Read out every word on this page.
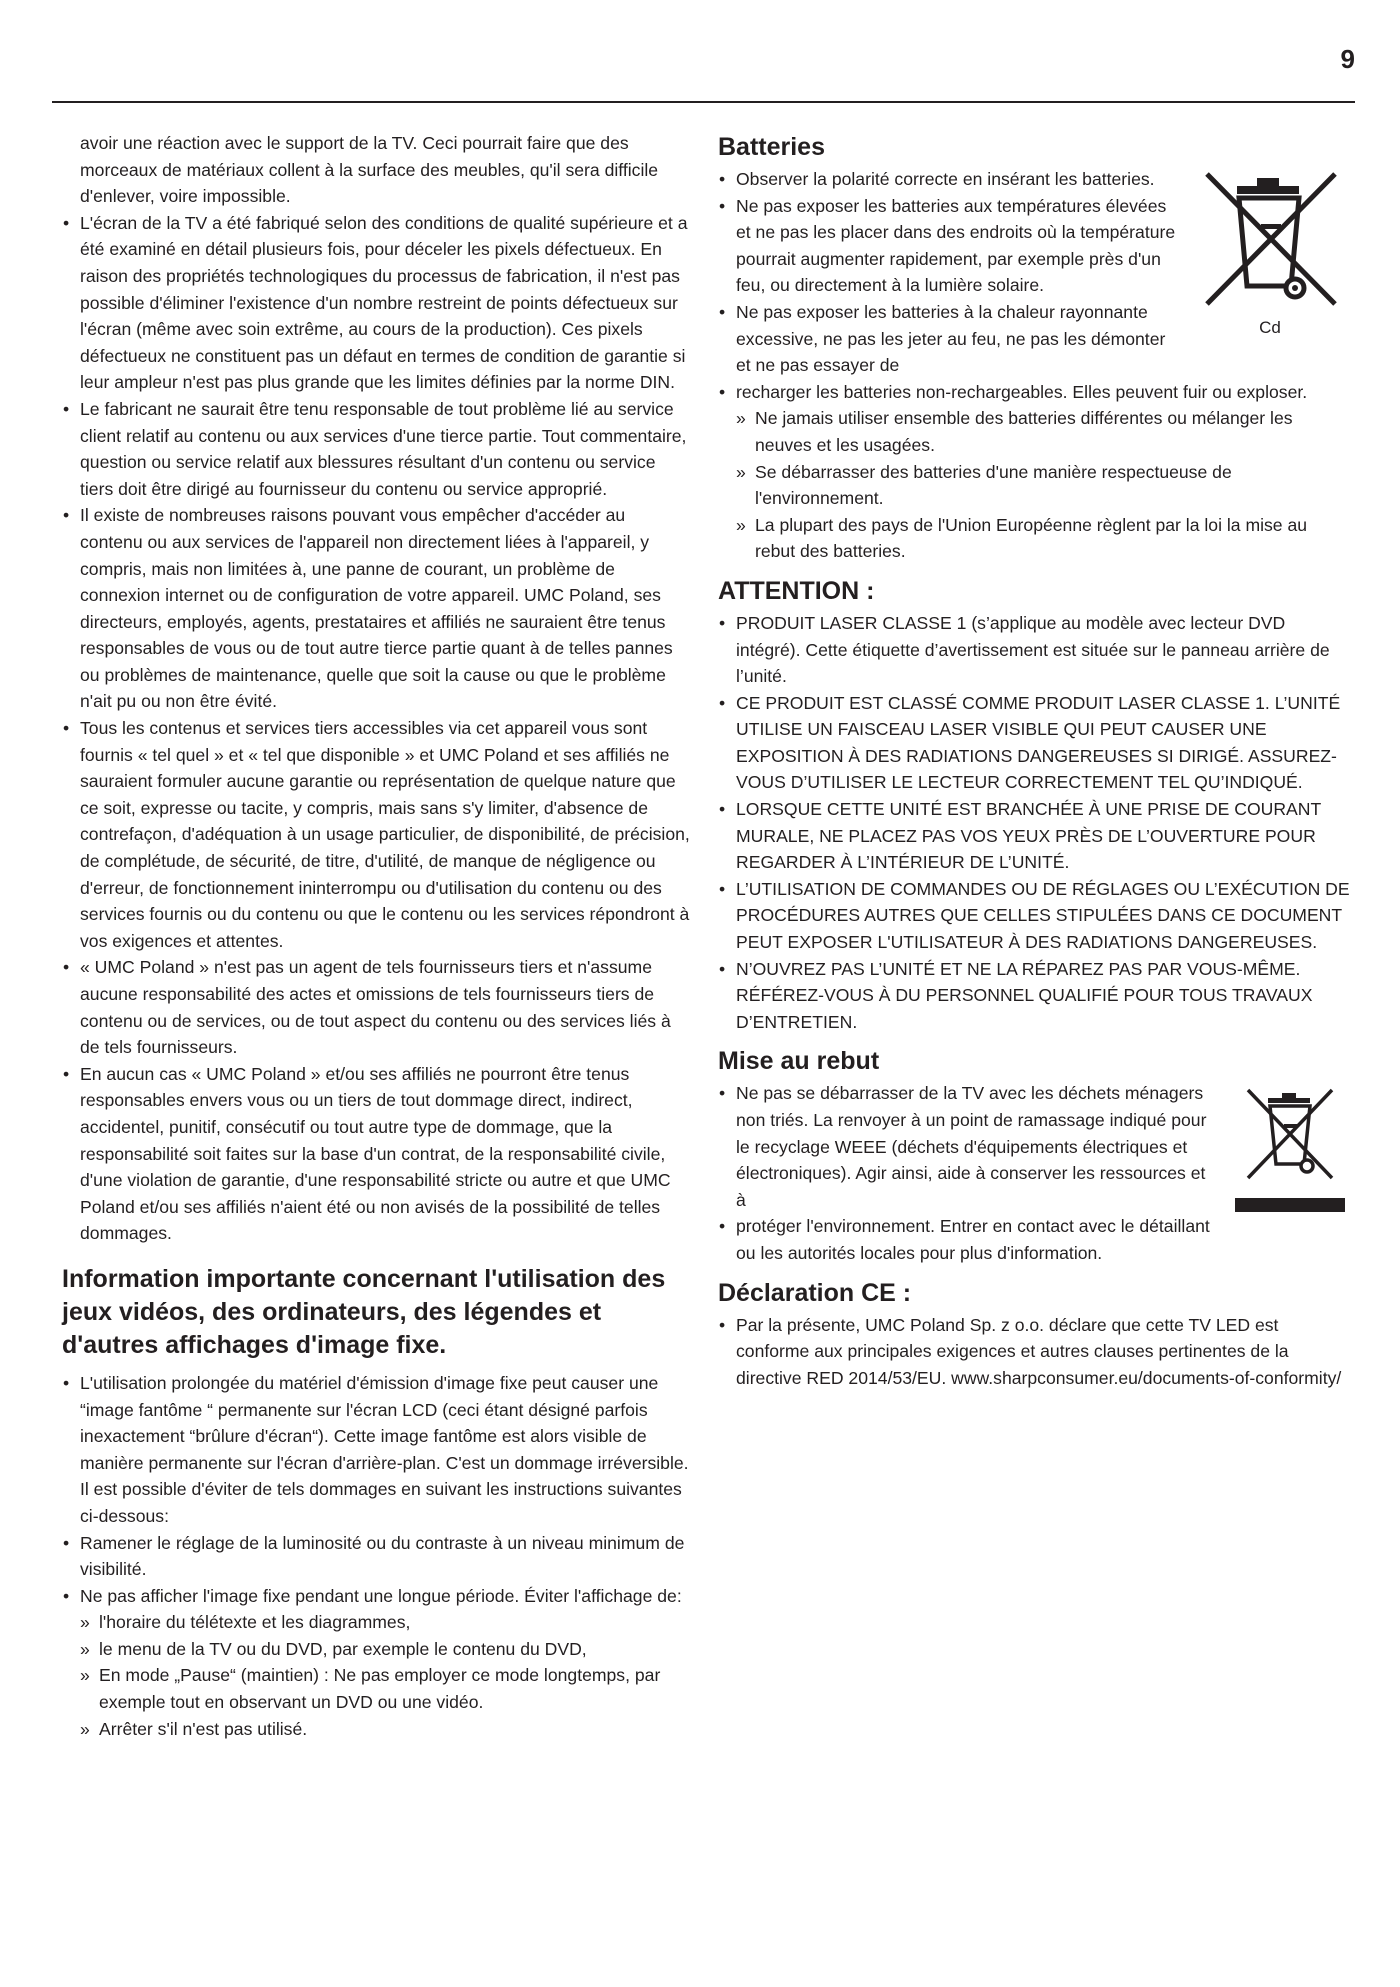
9

avoir une réaction avec le support de la TV. Ceci pourrait faire que des morceaux de matériaux collent à la surface des meubles, qu'il sera difficile d'enlever, voire impossible.

• L'écran de la TV a été fabriqué selon des conditions de qualité supérieure et a été examiné en détail plusieurs fois, pour déceler les pixels défectueux. En raison des propriétés technologiques du processus de fabrication, il n'est pas possible d'éliminer l'existence d'un nombre restreint de points défectueux sur l'écran (même avec soin extrême, au cours de la production). Ces pixels défectueux ne constituent pas un défaut en termes de condition de garantie si leur ampleur n'est pas plus grande que les limites définies par la norme DIN.
• Le fabricant ne saurait être tenu responsable de tout problème lié au service client relatif au contenu ou aux services d'une tierce partie. Tout commentaire, question ou service relatif aux blessures résultant d'un contenu ou service tiers doit être dirigé au fournisseur du contenu ou service approprié.
• Il existe de nombreuses raisons pouvant vous empêcher d'accéder au contenu ou aux services de l'appareil non directement liées à l'appareil, y compris, mais non limitées à, une panne de courant, un problème de connexion internet ou de configuration de votre appareil. UMC Poland, ses directeurs, employés, agents, prestataires et affiliés ne sauraient être tenus responsables de vous ou de tout autre tierce partie quant à de telles pannes ou problèmes de maintenance, quelle que soit la cause ou que le problème n'ait pu ou non être évité.
• Tous les contenus et services tiers accessibles via cet appareil vous sont fournis « tel quel » et « tel que disponible » et UMC Poland et ses affiliés ne sauraient formuler aucune garantie ou représentation de quelque nature que ce soit, expresse ou tacite, y compris, mais sans s'y limiter, d'absence de contrefaçon, d'adéquation à un usage particulier, de disponibilité, de précision, de complétude, de sécurité, de titre, d'utilité, de manque de négligence ou d'erreur, de fonctionnement ininterrompu ou d'utilisation du contenu ou des services fournis ou du contenu ou que le contenu ou les services répondront à vos exigences et attentes.
• « UMC Poland » n'est pas un agent de tels fournisseurs tiers et n'assume aucune responsabilité des actes et omissions de tels fournisseurs tiers de contenu ou de services, ou de tout aspect du contenu ou des services liés à de tels fournisseurs.
• En aucun cas « UMC Poland » et/ou ses affiliés ne pourront être tenus responsables envers vous ou un tiers de tout dommage direct, indirect, accidentel, punitif, consécutif ou tout autre type de dommage, que la responsabilité soit faites sur la base d'un contrat, de la responsabilité civile, d'une violation de garantie, d'une responsabilité stricte ou autre et que UMC Poland et/ou ses affiliés n'aient été ou non avisés de la possibilité de telles dommages.
Information importante concernant l'utilisation des jeux vidéos, des ordinateurs, des légendes et d'autres affichages d'image fixe.
• L'utilisation prolongée du matériel d'émission d'image fixe peut causer une “image fantôme “ permanente sur l'écran LCD (ceci étant désigné parfois inexactement “brûlure d'écran“). Cette image fantôme est alors visible de manière permanente sur l'écran d'arrière-plan. C'est un dommage irréversible. Il est possible d'éviter de tels dommages en suivant les instructions suivantes ci-dessous:
• Ramener le réglage de la luminosité ou du contraste à un niveau minimum de visibilité.
• Ne pas afficher l'image fixe pendant une longue période. Éviter l'affichage de:
» l'horaire du télétexte et les diagrammes,
» le menu de la TV ou du DVD, par exemple le contenu du DVD,
» En mode „Pause“ (maintien) : Ne pas employer ce mode longtemps, par exemple tout en observant un DVD ou une vidéo.
» Arrêter s'il n'est pas utilisé.
Batteries
Cd
• Observer la polarité correcte en insérant les batteries.
• Ne pas exposer les batteries aux températures élevées et ne pas les placer dans des endroits où la température pourrait augmenter rapidement, par exemple près d'un feu, ou directement à la lumière solaire.
• Ne pas exposer les batteries à la chaleur rayonnante excessive, ne pas les jeter au feu, ne pas les démonter et ne pas essayer de
• recharger les batteries non-rechargeables. Elles peuvent fuir ou exploser.
» Ne jamais utiliser ensemble des batteries différentes ou mélanger les neuves et les usagées.
» Se débarrasser des batteries d'une manière respectueuse de l'environnement.
» La plupart des pays de l'Union Européenne règlent par la loi la mise au rebut des batteries.
ATTENTION :
• PRODUIT LASER CLASSE 1 (s’applique au modèle avec lecteur DVD intégré). Cette étiquette d’avertissement est située sur le panneau arrière de l’unité.
• CE PRODUIT EST CLASSÉ COMME PRODUIT LASER CLASSE 1. L’UNITÉ UTILISE UN FAISCEAU LASER VISIBLE QUI PEUT CAUSER UNE EXPOSITION À DES RADIATIONS DANGEREUSES SI DIRIGÉ. ASSUREZ-VOUS D’UTILISER LE LECTEUR CORRECTEMENT TEL QU’INDIQUÉ.
• LORSQUE CETTE UNITÉ EST BRANCHÉE À UNE PRISE DE COURANT MURALE, NE PLACEZ PAS VOS YEUX PRÈS DE L’OUVERTURE POUR REGARDER À L’INTÉRIEUR DE L’UNITÉ.
• L’UTILISATION DE COMMANDES OU DE RÉGLAGES OU L’EXÉCUTION DE PROCÉDURES AUTRES QUE CELLES STIPULÉES DANS CE DOCUMENT PEUT EXPOSER L'UTILISATEUR À DES RADIATIONS DANGEREUSES.
• N’OUVREZ PAS L’UNITÉ ET NE LA RÉPAREZ PAS PAR VOUS-MÊME. RÉFÉREZ-VOUS À DU PERSONNEL QUALIFIÉ POUR TOUS TRAVAUX D’ENTRETIEN.
Mise au rebut
• Ne pas se débarrasser de la TV avec les déchets ménagers non triés. La renvoyer à un point de ramassage indiqué pour le recyclage WEEE (déchets d'équipements électriques et électroniques). Agir ainsi, aide à conserver les ressources et à
• protéger l'environnement. Entrer en contact avec le détaillant ou les autorités locales pour plus d'information.
Déclaration CE :
• Par la présente, UMC Poland Sp. z o.o. déclare que cette TV LED est conforme aux principales exigences et autres clauses pertinentes de la directive RED 2014/53/EU. www.sharpconsumer.eu/documents-of-conformity/
